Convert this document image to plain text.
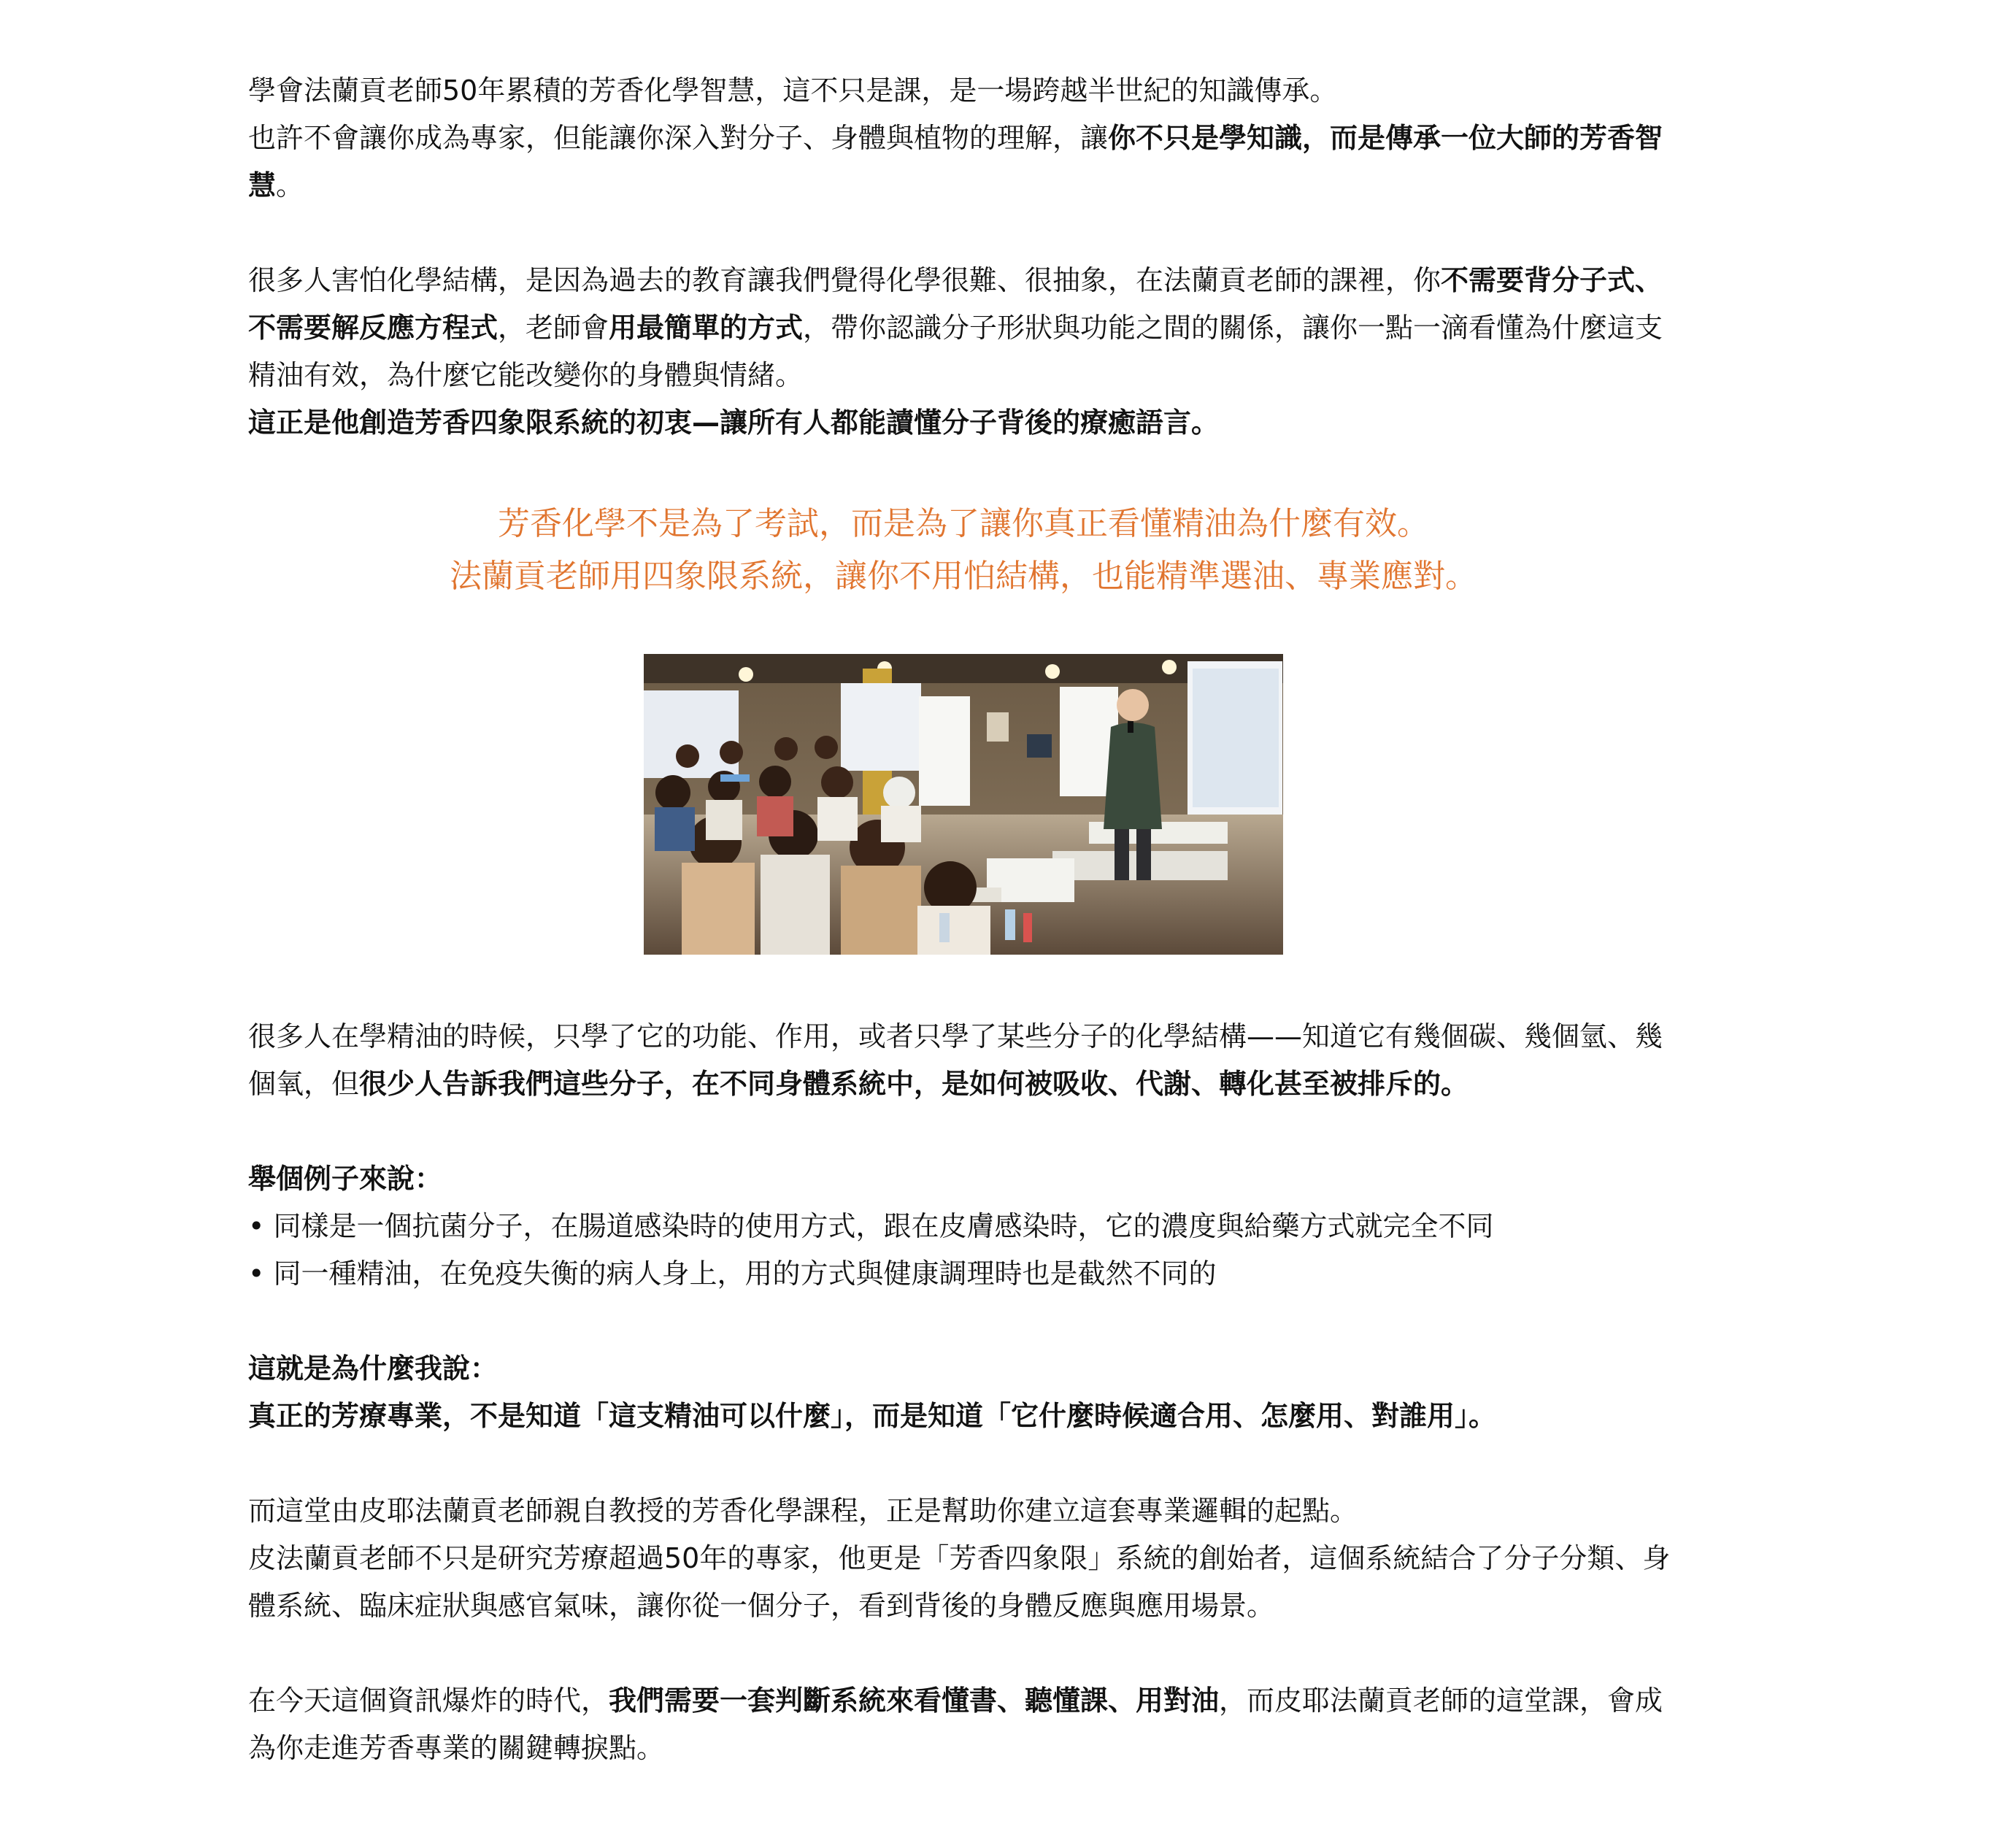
學會法蘭貢老師50年累積的芳香化學智慧，這不只是課，是一場跨越半世紀的知識傳承。

也許不會讓你成為專家，但能讓你深入對分子、身體與植物的理解，讓你不只是學知識，而是傳承一位大師的芳香智慧。

很多人害怕化學結構，是因為過去的教育讓我們覺得化學很難、很抽象，在法蘭貢老師的課裡，你不需要背分子式、不需要解反應方程式，老師會用最簡單的方式，帶你認識分子形狀與功能之間的關係，讓你一點一滴看懂為什麼這支精油有效，為什麼它能改變你的身體與情緒。

這正是他創造芳香四象限系統的初衷—讓所有人都能讀懂分子背後的療癒語言。

芳香化學不是為了考試，而是為了讓你真正看懂精油為什麼有效。
法蘭貢老師用四象限系統，讓你不用怕結構，也能精準選油、專業應對。

很多人在學精油的時候，只學了它的功能、作用，或者只學了某些分子的化學結構——知道它有幾個碳、幾個氫、幾個氧，但很少人告訴我們這些分子，在不同身體系統中，是如何被吸收、代謝、轉化甚至被排斥的。

舉個例子來說：

• 同樣是一個抗菌分子，在腸道感染時的使用方式，跟在皮膚感染時，它的濃度與給藥方式就完全不同

• 同一種精油，在免疫失衡的病人身上，用的方式與健康調理時也是截然不同的

這就是為什麼我說：

真正的芳療專業，不是知道「這支精油可以什麼」，而是知道「它什麼時候適合用、怎麼用、對誰用」。

而這堂由皮耶法蘭貢老師親自教授的芳香化學課程，正是幫助你建立這套專業邏輯的起點。

皮法蘭貢老師不只是研究芳療超過50年的專家，他更是「芳香四象限」系統的創始者，這個系統結合了分子分類、身體系統、臨床症狀與感官氣味，讓你從一個分子，看到背後的身體反應與應用場景。

在今天這個資訊爆炸的時代，我們需要一套判斷系統來看懂書、聽懂課、用對油，而皮耶法蘭貢老師的這堂課，會成為你走進芳香專業的關鍵轉捩點。
